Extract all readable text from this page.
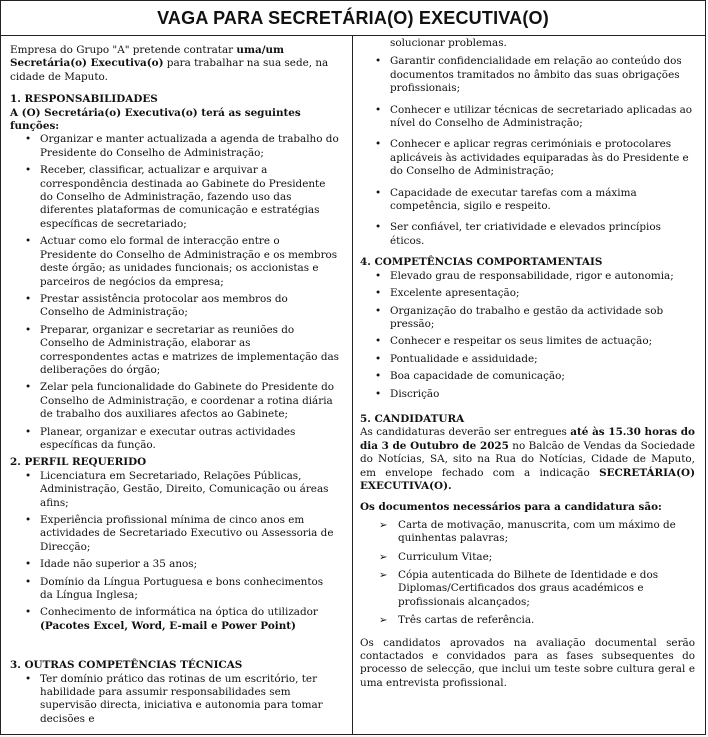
VAGA PARA SECRETÁRIA(O) EXECUTIVA(O)

Empresa do Grupo "A" pretende contratar uma/um Secretária(o) Executiva(o) para trabalhar na sua sede, na cidade de Maputo.

1. RESPONSABILIDADES

A (O) Secretária(o) Executiva(o) terá as seguintes funções:

• Organizar e manter actualizada a agenda de trabalho do Presidente do Conselho de Administração;
• Receber, classificar, actualizar e arquivar a correspondência destinada ao Gabinete do Presidente do Conselho de Administração, fazendo uso das diferentes plataformas de comunicação e estratégias específicas de secretariado;
• Actuar como elo formal de interacção entre o Presidente do Conselho de Administração e os membros deste órgão; as unidades funcionais; os accionistas e parceiros de negócios da empresa;
• Prestar assistência protocolar aos membros do Conselho de Administração;
• Preparar, organizar e secretariar as reuniões do Conselho de Administração, elaborar as correspondentes actas e matrizes de implementação das deliberações do órgão;
• Zelar pela funcionalidade do Gabinete do Presidente do Conselho de Administração, e coordenar a rotina diária de trabalho dos auxiliares afectos ao Gabinete;
• Planear, organizar e executar outras actividades específicas da função.

2. PERFIL REQUERIDO

• Licenciatura em Secretariado, Relações Públicas, Administração, Gestão, Direito, Comunicação ou áreas afins;
• Experiência profissional mínima de cinco anos em actividades de Secretariado Executivo ou Assessoria de Direcção;
• Idade não superior a 35 anos;
• Domínio da Língua Portuguesa e bons conhecimentos da Língua Inglesa;
• Conhecimento de informática na óptica do utilizador (Pacotes Excel, Word, E-mail e Power Point)

3. OUTRAS COMPETÊNCIAS TÉCNICAS

• Ter domínio prático das rotinas de um escritório, ter habilidade para assumir responsabilidades sem supervisão directa, iniciativa e autonomia para tomar decisões e

solucionar problemas.

• Garantir confidencialidade em relação ao conteúdo dos documentos tramitados no âmbito das suas obrigações profissionais;
• Conhecer e utilizar técnicas de secretariado aplicadas ao nível do Conselho de Administração;
• Conhecer e aplicar regras cerimóniais e protocolares aplicáveis às actividades equiparadas às do Presidente e do Conselho de Administração;
• Capacidade de executar tarefas com a máxima competência, sigilo e respeito.
• Ser confiável, ter criatividade e elevados princípios éticos.

4. COMPETÊNCIAS COMPORTAMENTAIS

• Elevado grau de responsabilidade, rigor e autonomia;
• Excelente apresentação;
• Organização do trabalho e gestão da actividade sob pressão;
• Conhecer e respeitar os seus limites de actuação;
• Pontualidade e assiduidade;
• Boa capacidade de comunicação;
• Discrição

5. CANDIDATURA

As candidaturas deverão ser entregues até às 15.30 horas do dia 3 de Outubro de 2025 no Balcão de Vendas da Sociedade do Notícias, SA, sito na Rua do Notícias, Cidade de Maputo, em envelope fechado com a indicação SECRETÁRIA(O) EXECUTIVA(O).

Os documentos necessários para a candidatura são:

➢ Carta de motivação, manuscrita, com um máximo de quinhentas palavras;
➢ Curriculum Vitae;
➢ Cópia autenticada do Bilhete de Identidade e dos Diplomas/Certificados dos graus académicos e profissionais alcançados;
➢ Três cartas de referência.

Os candidatos aprovados na avaliação documental serão contactados e convidados para as fases subsequentes do processo de selecção, que inclui um teste sobre cultura geral e uma entrevista profissional.
